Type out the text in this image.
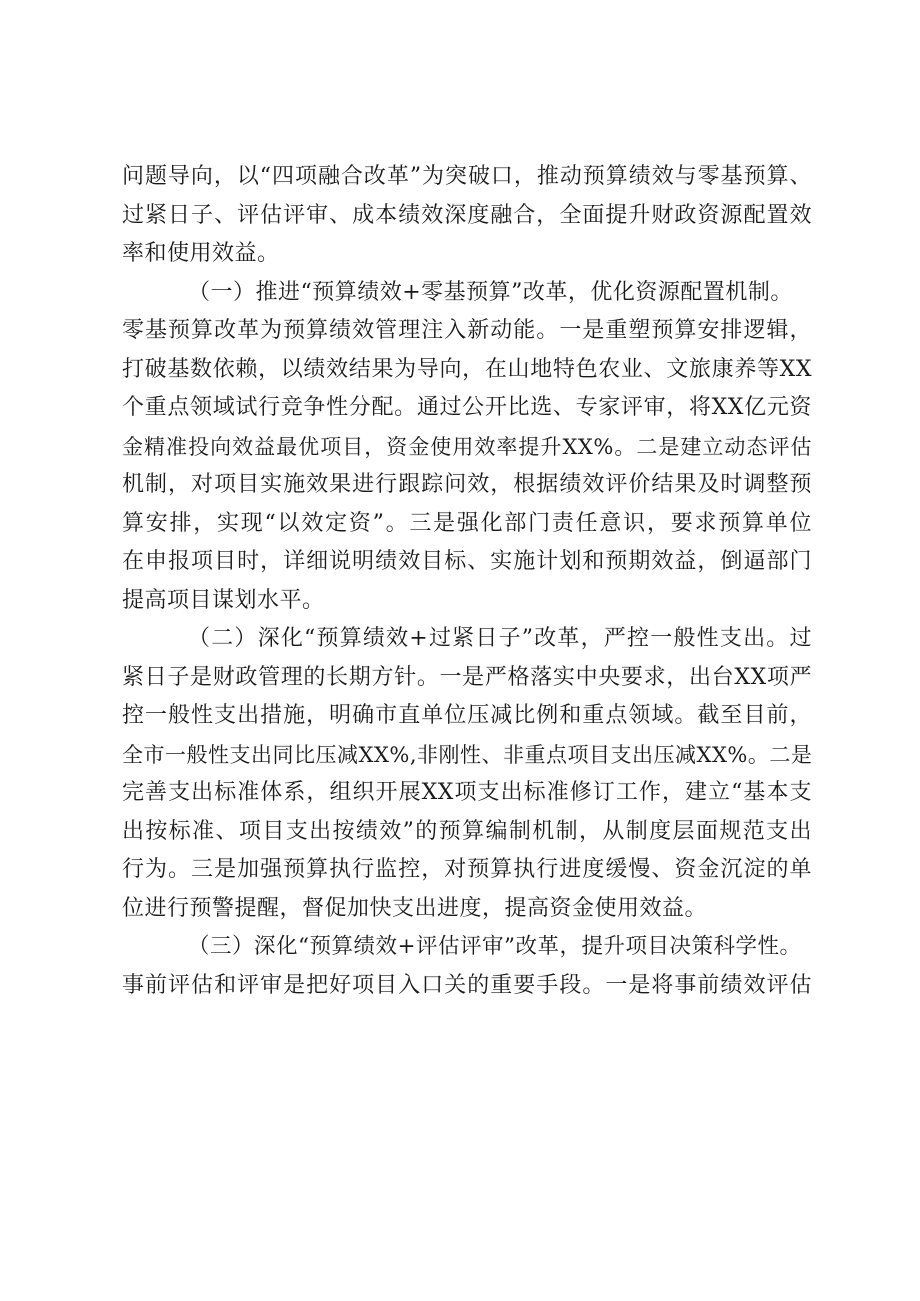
问题导向，以“四项融合改革”为突破口，推动预算绩效与零基预算、
过紧日子、评估评审、成本绩效深度融合，全面提升财政资源配置效
率和使用效益。
（一）推进“预算绩效+零基预算”改革，优化资源配置机制。
零基预算改革为预算绩效管理注入新动能。一是重塑预算安排逻辑，
打破基数依赖，以绩效结果为导向，在山地特色农业、文旅康养等XX
个重点领域试行竞争性分配。通过公开比选、专家评审，将XX亿元资
金精准投向效益最优项目，资金使用效率提升XX%。二是建立动态评估
机制，对项目实施效果进行跟踪问效，根据绩效评价结果及时调整预
算安排，实现“以效定资”。三是强化部门责任意识，要求预算单位
在申报项目时，详细说明绩效目标、实施计划和预期效益，倒逼部门
提高项目谋划水平。
（二）深化“预算绩效+过紧日子”改革，严控一般性支出。过
紧日子是财政管理的长期方针。一是严格落实中央要求，出台XX项严
控一般性支出措施，明确市直单位压减比例和重点领域。截至目前，
全市一般性支出同比压减XX%,非刚性、非重点项目支出压减XX%。二是
完善支出标准体系，组织开展XX项支出标准修订工作，建立“基本支
出按标准、项目支出按绩效”的预算编制机制，从制度层面规范支出
行为。三是加强预算执行监控，对预算执行进度缓慢、资金沉淀的单
位进行预警提醒，督促加快支出进度，提高资金使用效益。
（三）深化“预算绩效+评估评审”改革，提升项目决策科学性。
事前评估和评审是把好项目入口关的重要手段。一是将事前绩效评估
